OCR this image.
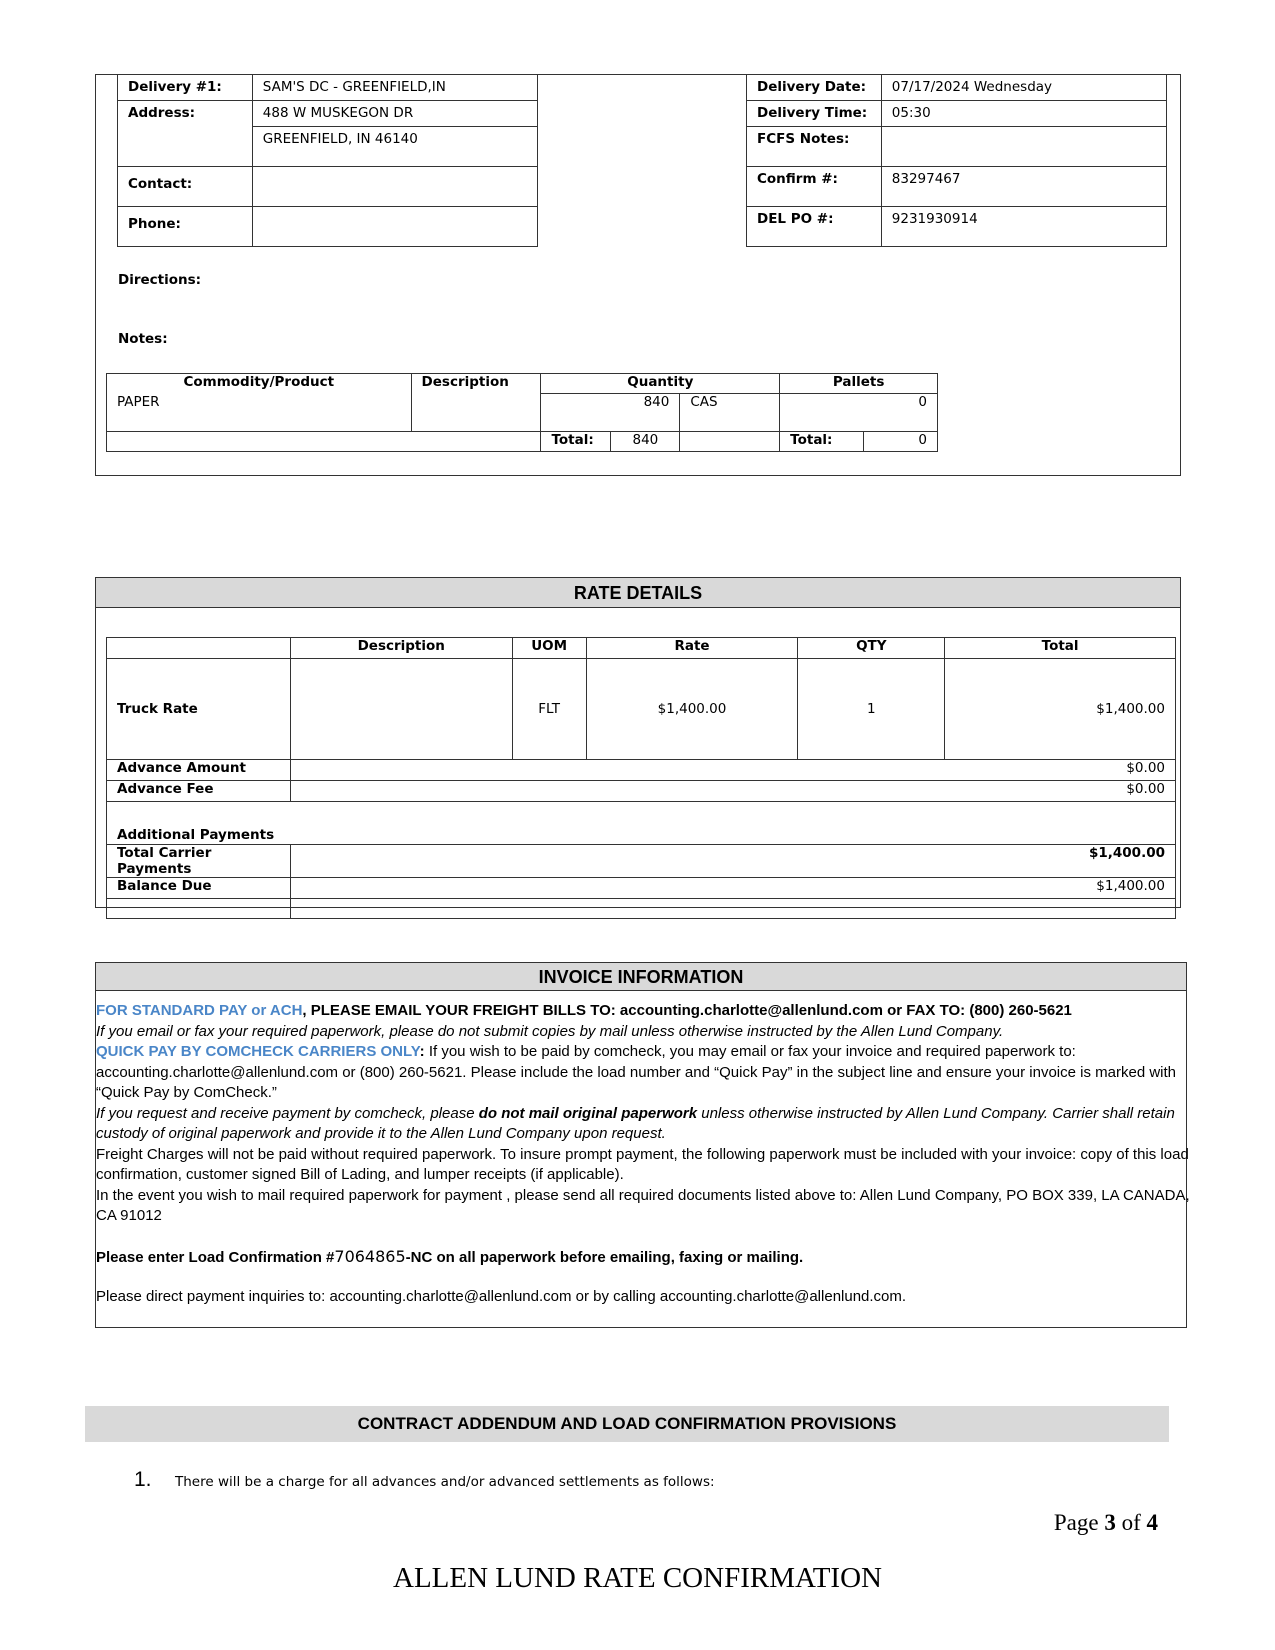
Delivery #1:	SAM'S DC - GREENFIELD,IN
Address:	488 W MUSKEGON DR
	GREENFIELD, IN 46140
Contact:	
Phone:	
Delivery Date:	07/17/2024 Wednesday
Delivery Time:	05:30
FCFS Notes:	
Confirm #:	83297467
DEL PO #:	9231930914
Directions:
Notes:
Commodity/Product	Description	Quantity			Pallets	
PAPER		840		CAS	0	
		Total:	840		Total:	0
RATE DETAILS
	Description	UOM	Rate	QTY	Total
Truck Rate		FLT	$1,400.00	1	$1,400.00
Advance Amount	$0.00				
Advance Fee	$0.00				
Additional Payments					
Total Carrier Payments	$1,400.00				
Balance Due	$1,400.00				

INVOICE INFORMATION

FOR STANDARD PAY or ACH, PLEASE EMAIL YOUR FREIGHT BILLS TO: accounting.charlotte@allenlund.com or FAX TO: (800) 260-5621

If you email or fax your required paperwork, please do not submit copies by mail unless otherwise instructed by the Allen Lund Company.

QUICK PAY BY COMCHECK CARRIERS ONLY: If you wish to be paid by comcheck, you may email or fax your invoice and required paperwork to: accounting.charlotte@allenlund.com or (800) 260-5621. Please include the load number and “Quick Pay” in the subject line and ensure your invoice is marked with “Quick Pay by ComCheck.”

If you request and receive payment by comcheck, please do not mail original paperwork unless otherwise instructed by Allen Lund Company. Carrier shall retain custody of original paperwork and provide it to the Allen Lund Company upon request.

Freight Charges will not be paid without required paperwork. To insure prompt payment, the following paperwork must be included with your invoice: copy of this load confirmation, customer signed Bill of Lading, and lumper receipts (if applicable).

In the event you wish to mail required paperwork for payment , please send all required documents listed above to: Allen Lund Company, PO BOX 339, LA CANADA, CA 91012

Please enter Load Confirmation #7064865-NC on all paperwork before emailing, faxing or mailing.

Please direct payment inquiries to: accounting.charlotte@allenlund.com or by calling accounting.charlotte@allenlund.com.

CONTRACT ADDENDUM AND LOAD CONFIRMATION PROVISIONS
1. There will be a charge for all advances and/or advanced settlements as follows:
Page 3 of 4
ALLEN LUND RATE CONFIRMATION
